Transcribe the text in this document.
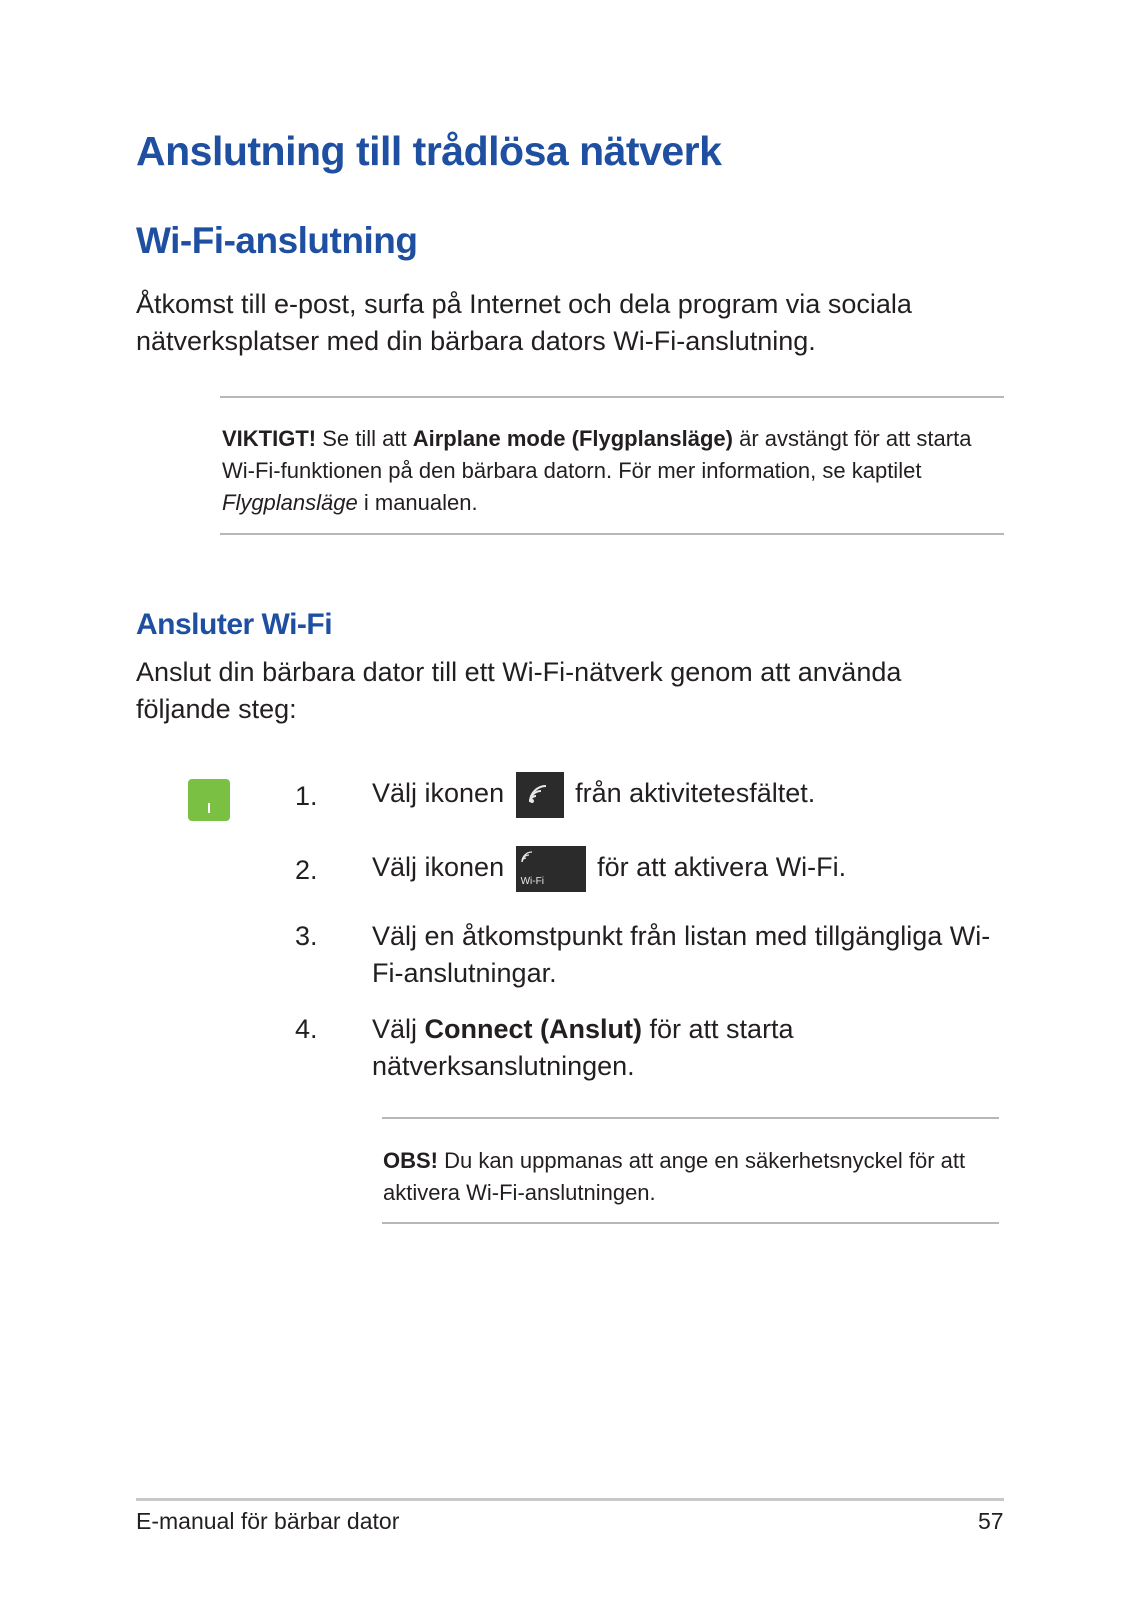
Anslutning till trådlösa nätverk
Wi-Fi-anslutning

Åtkomst till e-post, surfa på Internet och dela program via sociala nätverksplatser med din bärbara dators Wi-Fi-anslutning.

VIKTIGT! Se till att Airplane mode (Flygplansläge) är avstängt för att starta Wi-Fi-funktionen på den bärbara datorn. För mer information, se kaptilet Flygplansläge i manualen.

Ansluter Wi-Fi

Anslut din bärbara dator till ett Wi-Fi-nätverk genom att använda följande steg:

1. Välj ikonen	från aktivitetesfältet.
2. Välj ikonen Wi-Fi för att aktivera Wi-Fi.
3. Välj en åtkomstpunkt från listan med tillgängliga Wi-Fi-anslutningar.
4. Välj Connect (Anslut) för att starta nätverksanslutningen.

OBS! Du kan uppmanas att ange en säkerhetsnyckel för att aktivera Wi-Fi-anslutningen.

E-manual för bärbar dator	57
